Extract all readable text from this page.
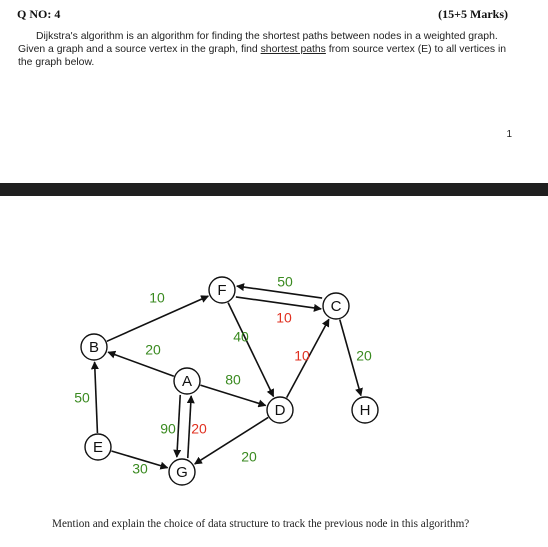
Q NO: 4	(15+5 Marks)
Dijkstra's algorithm is an algorithm for finding the shortest paths between nodes in a weighted graph. Given a graph and a source vertex in the graph, find shortest paths from source vertex (E) to all vertices in the graph below.
1
B
E
A
G
F
D
C
H
10
20
50
30
90 20
80
40
50
10
10	20
20
Mention and explain the choice of data structure to track the previous node in this algorithm?
